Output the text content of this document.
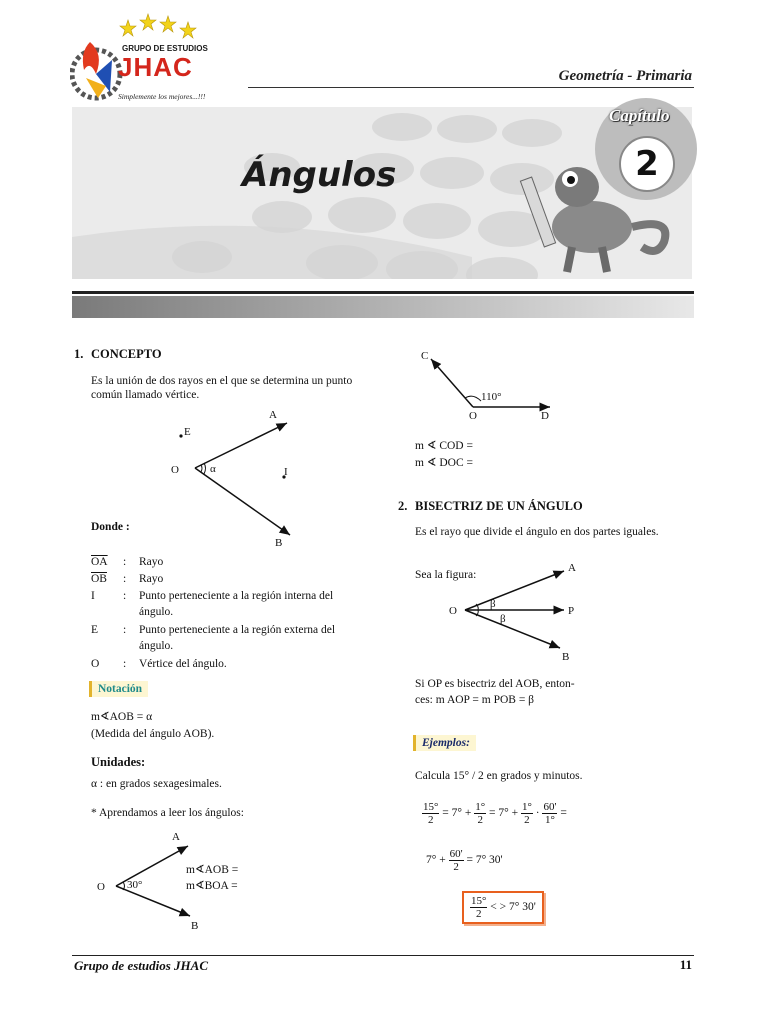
GRUPO DE ESTUDIOS
JHAC
Simplemente los mejores...!!!
Geometría - Primaria
Ángulos
Capítulo
2
1. CONCEPTO
Es la unión de dos rayos en el que se determina un punto
común llamado vértice.
A
B
O
E
I
α
Donde :
$\overline{OA}$ : Rayo
$\overline{OB}$ : Rayo
I : Punto perteneciente a la región interna del
ángulo.
E : Punto perteneciente a la región externa del
ángulo.
O : Vértice del ángulo.
Notación
m∢AOB = α
(Medida del ángulo AOB).
Unidades:
α : en grados sexagesimales.
* Aprendamos a leer los ángulos:
A
B
O 30°
m∢AOB =
m∢BOA =
C
O	D
110°
m ∢ COD =
m ∢ DOC =
2. BISECTRIZ DE UN ÁNGULO
Es el rayo que divide el ángulo en dos partes iguales.
Sea la figura:
A
P
B
O
β
β
Si OP es bisectriz del AOB, enton-
ces: m AOP = m POB = β
Ejemplos:
Calcula 15° / 2 en grados y minutos.
$\frac{15^\circ}{2} = 7^\circ + \frac{1^\circ}{2} = 7^\circ + \frac{1^\circ}{2} \cdot \frac{60'}{1^\circ}$ =
$7^\circ + \frac{60'}{2} = 7^\circ$ 30'
$\frac{15^\circ}{2}$ < > 7° 30'
Grupo de estudios JHAC	11
